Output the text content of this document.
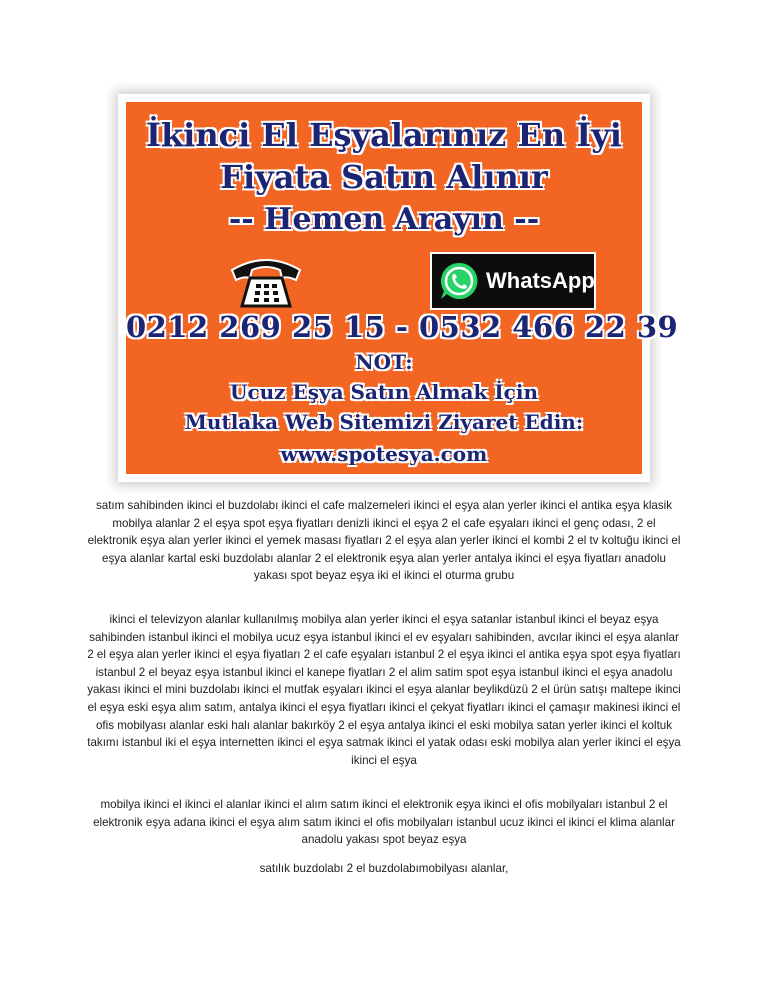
İkinci El Eşyalarınız En İyi
Fiyata Satın Alınır
-- Hemen Arayın --
WhatsApp
0212 269 25 15 - 0532 466 22 39
NOT:
Ucuz Eşya Satın Almak İçin
Mutlaka Web Sitemizi Ziyaret Edin:
www.spotesya.com

satım sahibinden ikinci el buzdolabı ikinci el cafe malzemeleri ikinci el eşya alan yerler ikinci el antika eşya klasik mobilya alanlar 2 el eşya spot eşya fiyatları denizli ikinci el eşya 2 el cafe eşyaları ikinci el genç odası, 2 el elektronik eşya alan yerler ikinci el yemek masası fiyatları 2 el eşya alan yerler ikinci el kombi 2 el tv koltuğu ikinci el eşya alanlar kartal eski buzdolabı alanlar 2 el elektronik eşya alan yerler antalya ikinci el eşya fiyatları anadolu yakası spot beyaz eşya iki el ikinci el oturma grubu

ikinci el televizyon alanlar kullanılmış mobilya alan yerler ikinci el eşya satanlar istanbul ikinci el beyaz eşya sahibinden istanbul ikinci el mobilya ucuz eşya istanbul ikinci el ev eşyaları sahibinden, avcılar ikinci el eşya alanlar 2 el eşya alan yerler ikinci el eşya fiyatları 2 el cafe eşyaları istanbul 2 el eşya ikinci el antika eşya spot eşya fiyatları istanbul 2 el beyaz eşya istanbul ikinci el kanepe fiyatları 2 el alim satim spot eşya istanbul ikinci el eşya anadolu yakası ikinci el mini buzdolabı ikinci el mutfak eşyaları ikinci el eşya alanlar beylikdüzü 2 el ürün satışı maltepe ikinci el eşya eski eşya alım satım, antalya ikinci el eşya fiyatları ikinci el çekyat fiyatları ikinci el çamaşır makinesi ikinci el ofis mobilyası alanlar eski halı alanlar bakırköy 2 el eşya antalya ikinci el eski mobilya satan yerler ikinci el koltuk takımı istanbul iki el eşya internetten ikinci el eşya satmak ikinci el yatak odası eski mobilya alan yerler ikinci el eşya ikinci el eşya

mobilya ikinci el ikinci el alanlar ikinci el alım satım ikinci el elektronik eşya ikinci el ofis mobilyaları istanbul 2 el elektronik eşya adana ikinci el eşya alım satım ikinci el ofis mobilyaları istanbul ucuz ikinci el ikinci el klima alanlar anadolu yakası spot beyaz eşya

satılık buzdolabı 2 el buzdolabımobilyası alanlar,
